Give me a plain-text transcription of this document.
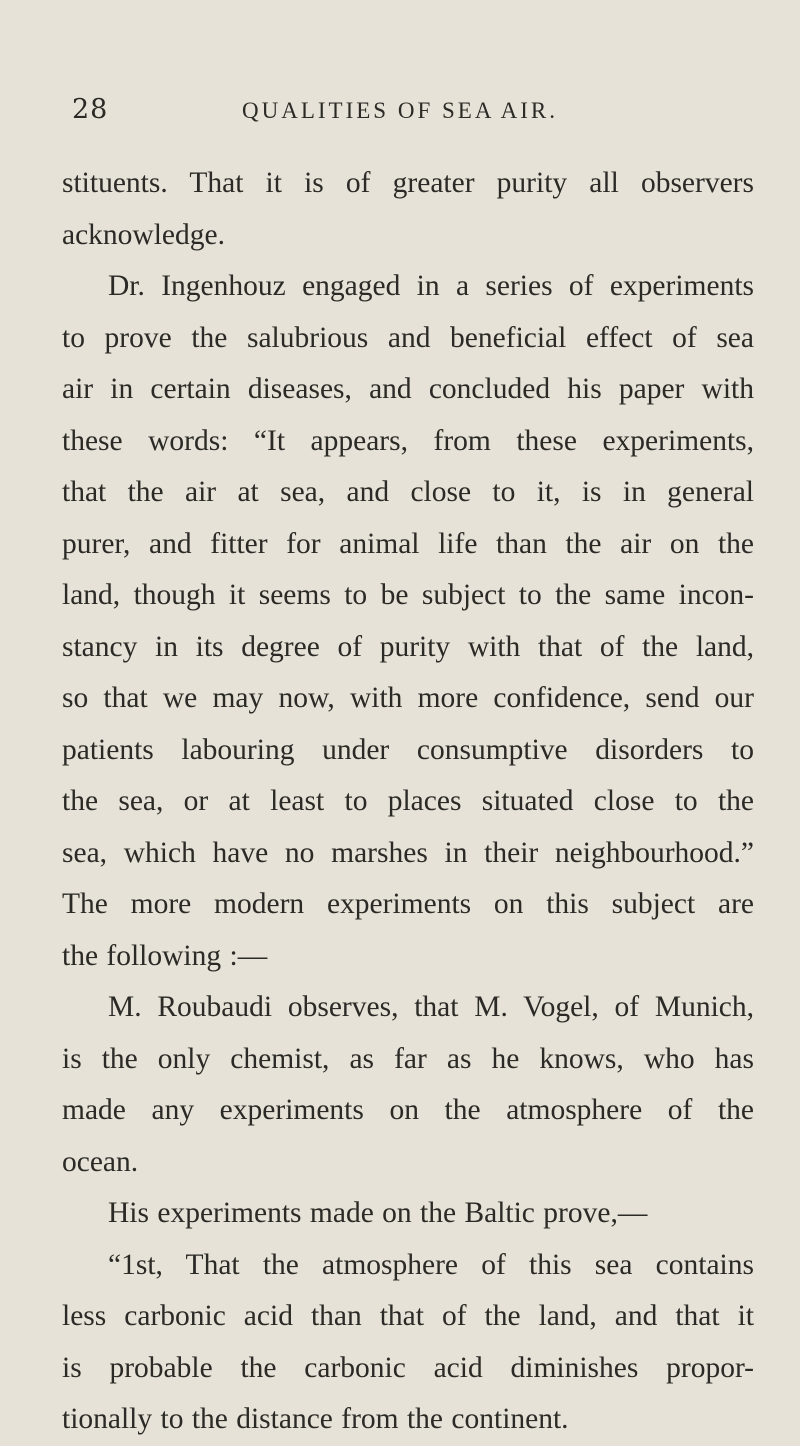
28	QUALITIES OF SEA AIR.
stituents. That it is of greater purity all observers
acknowledge.
Dr. Ingenhouz engaged in a series of experiments
to prove the salubrious and beneficial effect of sea
air in certain diseases, and concluded his paper with
these words: “It appears, from these experiments,
that the air at sea, and close to it, is in general
purer, and fitter for animal life than the air on the
land, though it seems to be subject to the same incon-
stancy in its degree of purity with that of the land,
so that we may now, with more confidence, send our
patients labouring under consumptive disorders to
the sea, or at least to places situated close to the
sea, which have no marshes in their neighbourhood.”
The more modern experiments on this subject are
the following :—
M. Roubaudi observes, that M. Vogel, of Munich,
is the only chemist, as far as he knows, who has
made any experiments on the atmosphere of the
ocean.
His experiments made on the Baltic prove,—
“1st, That the atmosphere of this sea contains
less carbonic acid than that of the land, and that it
is probable the carbonic acid diminishes propor-
tionally to the distance from the continent.
